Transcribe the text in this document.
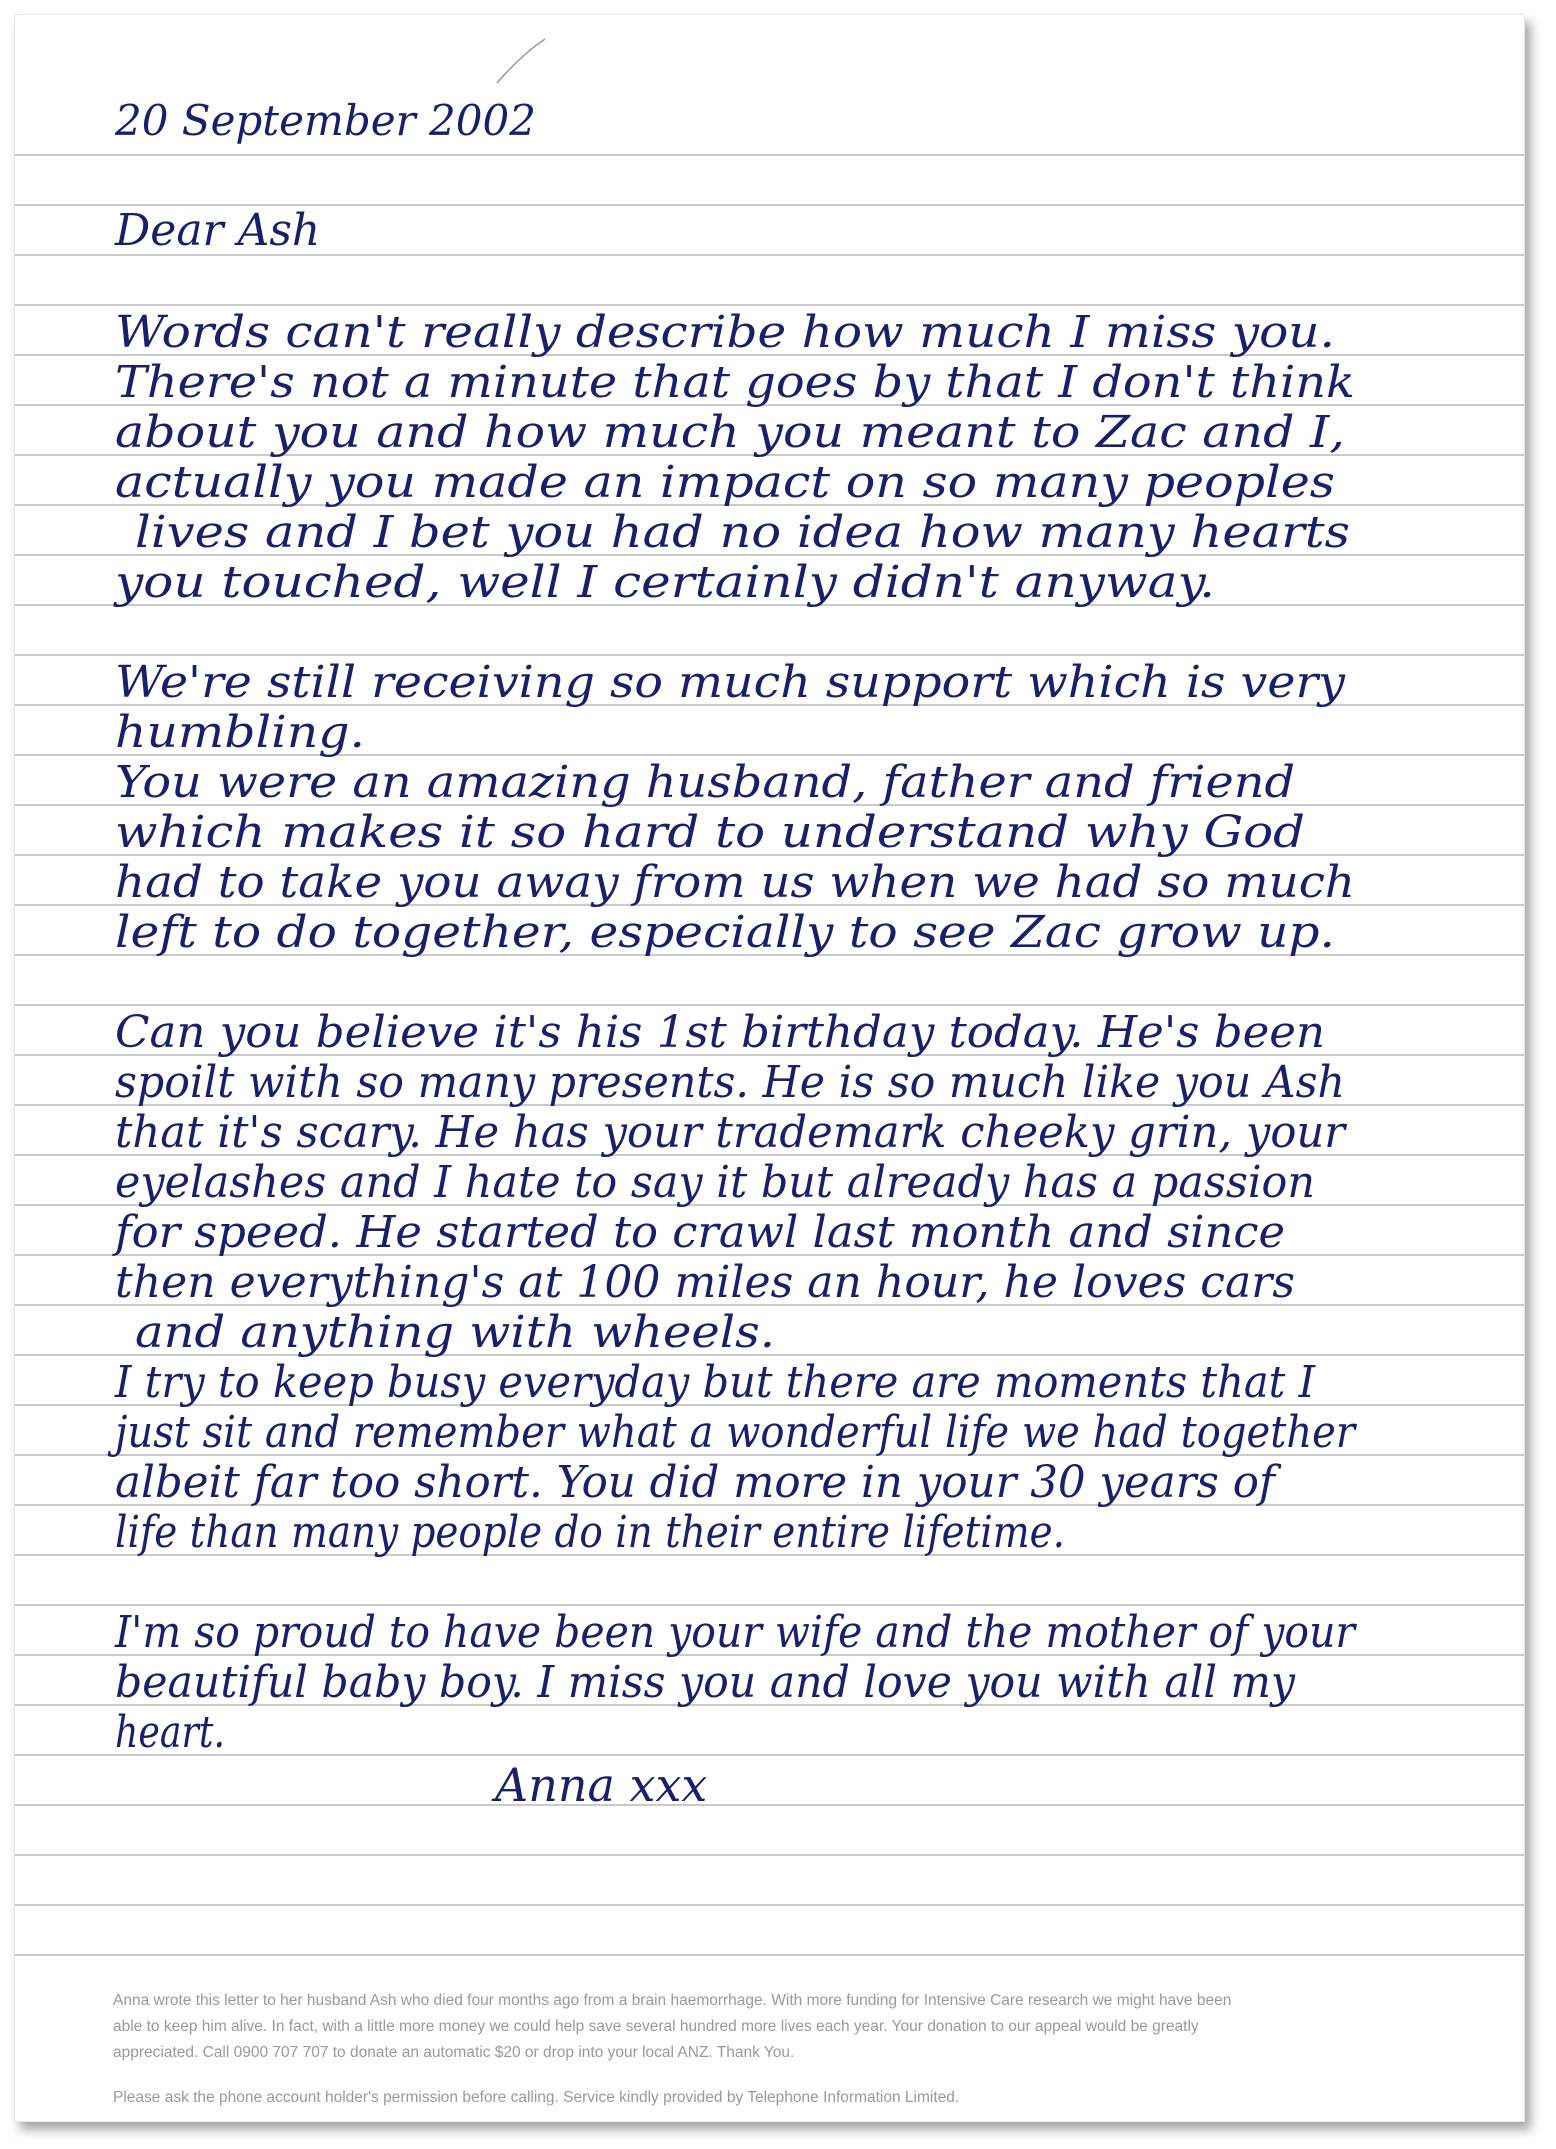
20 September 2002
Dear Ash
Words can't really describe how much I miss you.
There's not a minute that goes by that I don't think
about you and how much you meant to Zac and I,
actually you made an impact on so many peoples
lives and I bet you had no idea how many hearts
you touched, well I certainly didn't anyway.
We're still receiving so much support which is very
humbling.
You were an amazing husband, father and friend
which makes it so hard to understand why God
had to take you away from us when we had so much
left to do together, especially to see Zac grow up.
Can you believe it's his 1st birthday today. He's been
spoilt with so many presents. He is so much like you Ash
that it's scary. He has your trademark cheeky grin, your
eyelashes and I hate to say it but already has a passion
for speed. He started to crawl last month and since
then everything's at 100 miles an hour, he loves cars
and anything with wheels.
I try to keep busy everyday but there are moments that I
just sit and remember what a wonderful life we had together
albeit far too short. You did more in your 30 years of
life than many people do in their entire lifetime.
I'm so proud to have been your wife and the mother of your
beautiful baby boy. I miss you and love you with all my
heart.
Anna xxx
Anna wrote this letter to her husband Ash who died four months ago from a brain haemorrhage. With more funding for Intensive Care research we might have been
able to keep him alive. In fact, with a little more money we could help save several hundred more lives each year. Your donation to our appeal would be greatly
appreciated. Call 0900 707 707 to donate an automatic $20 or drop into your local ANZ. Thank You.
Please ask the phone account holder's permission before calling. Service kindly provided by Telephone Information Limited.
